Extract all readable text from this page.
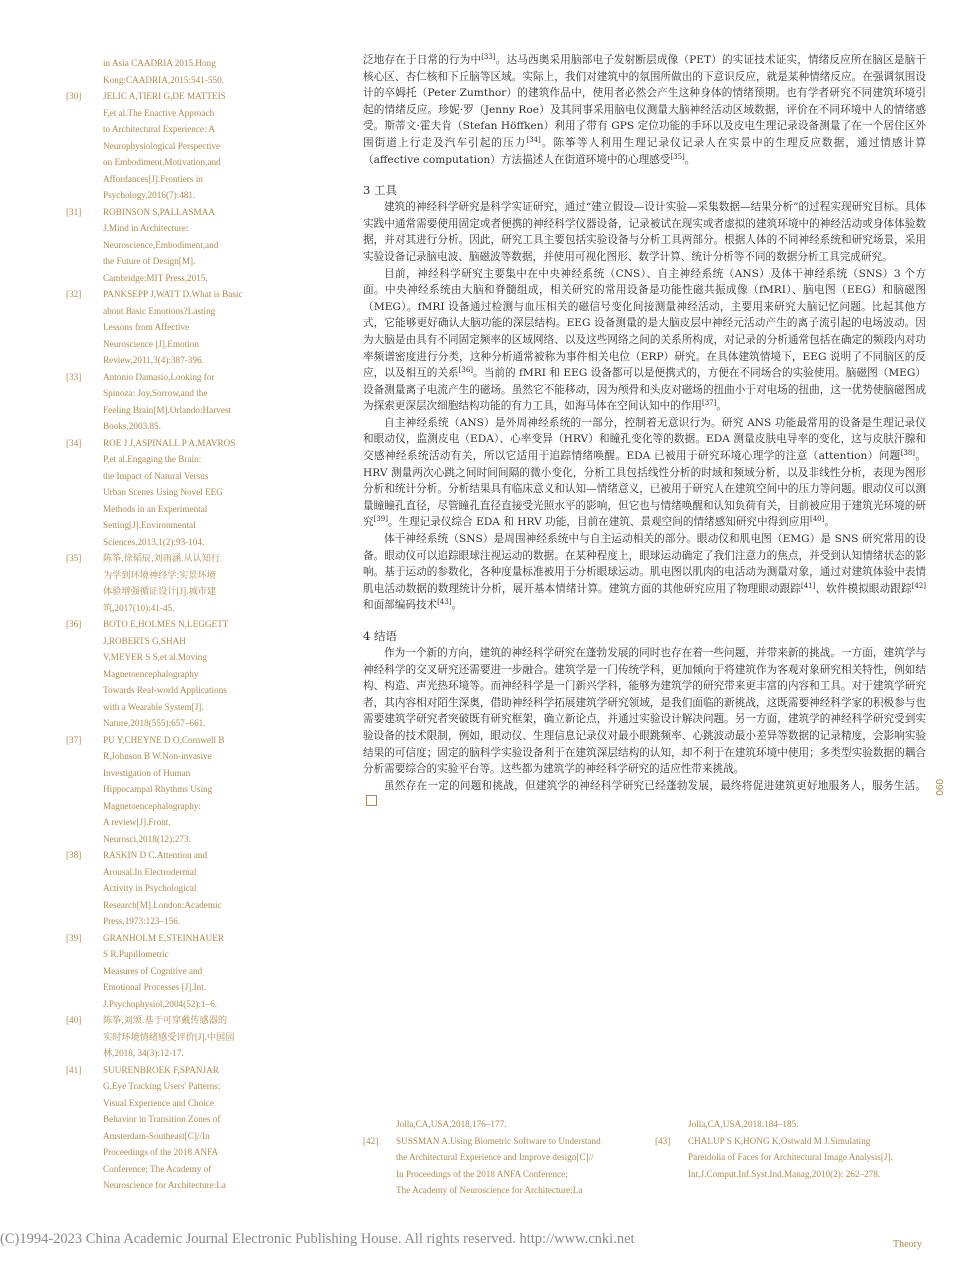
in Asia CAADRIA 2015.Hong
Kong:CAADRIA,2015:541-550.
[30]	JELIC A,TIERI G,DE MATTEIS
F,et al.The Enactive Approach
to Architectural Experience: A
Neurophysiological Perspective
on Embodiment,Motivation,and
Affordances[J].Frontiers in
Psychology,2016(7):481.
[31]	ROBINSON S,PALLASMAA
J.Mind in Architecture:
Neuroscience,Embodiment,and
the Future of Design[M].
Cambridge:MIT Press,2015.
[32]	PANKSEPP J,WATT D.What is Basic
about Basic Emotions?Lasting
Lessons from Affective
Neuroscience [J].Emotion
Review,2011,3(4):387-396.
[33]	Antonio Damasio,Looking for
Spinoza: Joy,Sorrow,and the
Feeling Brain[M].Orlando:Harvest
Books,2003.85.
[34]	ROE J J,ASPINALL P A,MAVROS
P,et al.Engaging the Brain:
the Impact of Natural Versus
Urban Scenes Using Novel EEG
Methods in an Experimental
Setting[J].Environmental
Sciences,2013,1(2):93-104.
[35]	陈筝,徐韬辰,刘雨涵.从认知行
为学到环境神经学:实景环境
体验增强循证设计[J].城市建
筑,2017(10):41-45.
[36]	BOTO E,HOLMES N,LEGGETT
J,ROBERTS G,SHAH
V,MEYER S S,et al.Moving
Magnetoencephalography
Towards Real-world Applications
with a Wearable System[J].
Nature,2018(555):657–661.
[37]	PU Y,CHEYNE D O,Cornwell B
R,Johnson B W.Non-invasive
Investigation of Human
Hippocampal Rhythms Using
Magnetoencephalography:
A review[J].Front.
Neurosci,2018(12):273.
[38]	RASKIN D C.Attention and
Arousal.In Electrodermal
Activity in Psychological
Research[M].London:Academic
Press,1973:123–156.
[39]	GRANHOLM E,STEINHAUER
S R.Pupillometric
Measures of Cognitive and
Emotional Processes [J].Int.
J.Psychophysiol,2004(52):1–6.
[40]	陈筝,刘颂.基于可穿戴传感器的
实时环境情绪感受评价[J].中国园
林,2018, 34(3):12-17.
[41]	SUURENBROEK F,SPANJAR
G.Eye Tracking Users' Patterns:
Visual Experience and Choice
Behavior in Transition Zones of
Amsterdam-Southeast[C]//In
Proceedings of the 2018 ANFA
Conference; The Academy of
Neuroscience for Architecture:La

泛地存在于日常的行为中[33]。达马西奥采用脑部电子发射断层成像（PET）的实证技术证实，情绪反应所在脑区是脑干核心区、杏仁核和下丘脑等区域。实际上，我们对建筑中的氛围所做出的下意识反应，就是某种情绪反应。在强调氛围设计的卒姆托（Peter Zumthor）的建筑作品中，使用者必然会产生这种身体的情绪预期。也有学者研究不同建筑环境引起的情绪反应。珍妮·罗（Jenny Roe）及其同事采用脑电仪测量大脑神经活动区域数据，评价在不同环境中人的情绪感受。斯蒂文·霍夫肯（Stefan Höffken）利用了带有 GPS 定位功能的手环以及皮电生理记录设备测量了在一个居住区外围街道上行走及汽车引起的压力[34]。陈筝等人利用生理记录仪记录人在实景中的生理反应数据，通过情感计算（affective computation）方法描述人在街道环境中的心理感受[35]。

3 工具

建筑的神经科学研究是科学实证研究，通过“建立假设—设计实验—采集数据—结果分析”的过程实现研究目标。具体实践中通常需要使用固定或者便携的神经科学仪器设备，记录被试在现实或者虚拟的建筑环境中的神经活动或身体体验数据，并对其进行分析。因此，研究工具主要包括实验设备与分析工具两部分。根据人体的不同神经系统和研究场景，采用实验设备记录脑电波、脑磁波等数据，并使用可视化图形、数学计算、统计分析等不同的数据分析工具完成研究。

目前，神经科学研究主要集中在中央神经系统（CNS）、自主神经系统（ANS）及体干神经系统（SNS）3 个方面。中央神经系统由大脑和脊髓组成，相关研究的常用设备是功能性磁共振成像（fMRI）、脑电图（EEG）和脑磁图（MEG）。fMRI 设备通过检测与血压相关的磁信号变化间接测量神经活动，主要用来研究大脑记忆问题。比起其他方式，它能够更好确认大脑功能的深层结构。EEG 设备测量的是大脑皮层中神经元活动产生的离子流引起的电场波动。因为大脑是由具有不同固定频率的区域网络、以及这些网络之间的关系所构成，对记录的分析通常包括在确定的频段内对功率频谱密度进行分类，这种分析通常被称为事件相关电位（ERP）研究。在具体建筑情境下，EEG 说明了不同脑区的反应，以及相互的关系[36]。当前的 fMRI 和 EEG 设备都可以是便携式的，方便在不同场合的实验使用。脑磁图（MEG）设备测量离子电流产生的磁场。虽然它不能移动，因为颅骨和头皮对磁场的扭曲小于对电场的扭曲，这一优势使脑磁图成为探索更深层次细胞结构功能的有力工具，如海马体在空间认知中的作用[37]。

自主神经系统（ANS）是外周神经系统的一部分，控制着无意识行为。研究 ANS 功能最常用的设备是生理记录仪和眼动仪，监测皮电（EDA）、心率变异（HRV）和瞳孔变化等的数据。EDA 测量皮肤电导率的变化，这与皮肤汗腺和交感神经系统活动有关，所以它适用于追踪情绪唤醒。EDA 已被用于研究环境心理学的注意（attention）问题[38]。HRV 测量两次心跳之间时间间隔的微小变化，分析工具包括线性分析的时域和频域分析，以及非线性分析，表现为图形分析和统计分析。分析结果具有临床意义和认知—情绪意义，已被用于研究人在建筑空间中的压力等问题。眼动仪可以测量瞳瞳孔直径，尽管瞳孔直径直接受光照水平的影响，但它也与情绪唤醒和认知负荷有关，目前被应用于建筑光环境的研究[39]。生理记录仪综合 EDA 和 HRV 功能，目前在建筑、景观空间的情绪感知研究中得到应用[40]。

体干神经系统（SNS）是周围神经系统中与自主运动相关的部分。眼动仪和肌电图（EMG）是 SNS 研究常用的设备。眼动仪可以追踪眼球注视运动的数据。在某种程度上，眼球运动确定了我们注意力的焦点，并受到认知情绪状态的影响。基于运动的参数化，各种度量标准被用于分析眼球运动。肌电图以肌肉的电活动为测量对象，通过对建筑体验中表情肌电活动数据的数理统计分析，展开基本情绪计算。建筑方面的其他研究应用了物理眼动跟踪[41]、软件模拟眼动跟踪[42]和面部编码技术[43]。

4 结语

作为一个新的方向，建筑的神经科学研究在蓬勃发展的同时也存在着一些问题，并带来新的挑战。一方面，建筑学与神经科学的交叉研究还需要进一步融合。建筑学是一门传统学科，更加倾向于将建筑作为客观对象研究相关特性，例如结构、构造、声光热环境等。而神经科学是一门新兴学科，能够为建筑学的研究带来更丰富的内容和工具。对于建筑学研究者，其内容相对陌生深奥，借助神经科学拓展建筑学研究领域，是我们面临的新挑战，这既需要神经科学家的积极参与也需要建筑学研究者突破既有研究框架，确立新论点，并通过实验设计解决问题。另一方面，建筑学的神经科学研究受到实验设备的技术限制，例如，眼动仪、生理信息记录仪对最小眼跳频率、心跳波动最小差异等数据的记录精度，会影响实验结果的可信度；固定的脑科学实验设备利于在建筑深层结构的认知，却不利于在建筑环境中使用；多类型实验数据的耦合分析需要综合的实验平台等。这些都为建筑学的神经科学研究的适应性带来挑战。

虽然存在一定的问题和挑战，但建筑学的神经科学研究已经蓬勃发展，最终将促进建筑更好地服务人，服务生活。

Jolla,CA,USA,2018,176–177.
[42]	SUSSMAN A.Using Biometric Software to Understand
the Architectural Experience and Improve design[C]//
In Proceedings of the 2018 ANFA Conference;
The Academy of Neuroscience for Architecture:La
Jolla,CA,USA,2018.184–185.
[43]	CHALUP S K,HONG K,Ostwald M J.Simulating
Pareidolia of Faces for Architectural Image Analysis[J].
Int.J.Comput.Inf.Syst.Ind.Manag,2010(2): 262–278.
090
(C)1994-2023 China Academic Journal Electronic Publishing House. All rights reserved. http://www.cnki.net	Theory
